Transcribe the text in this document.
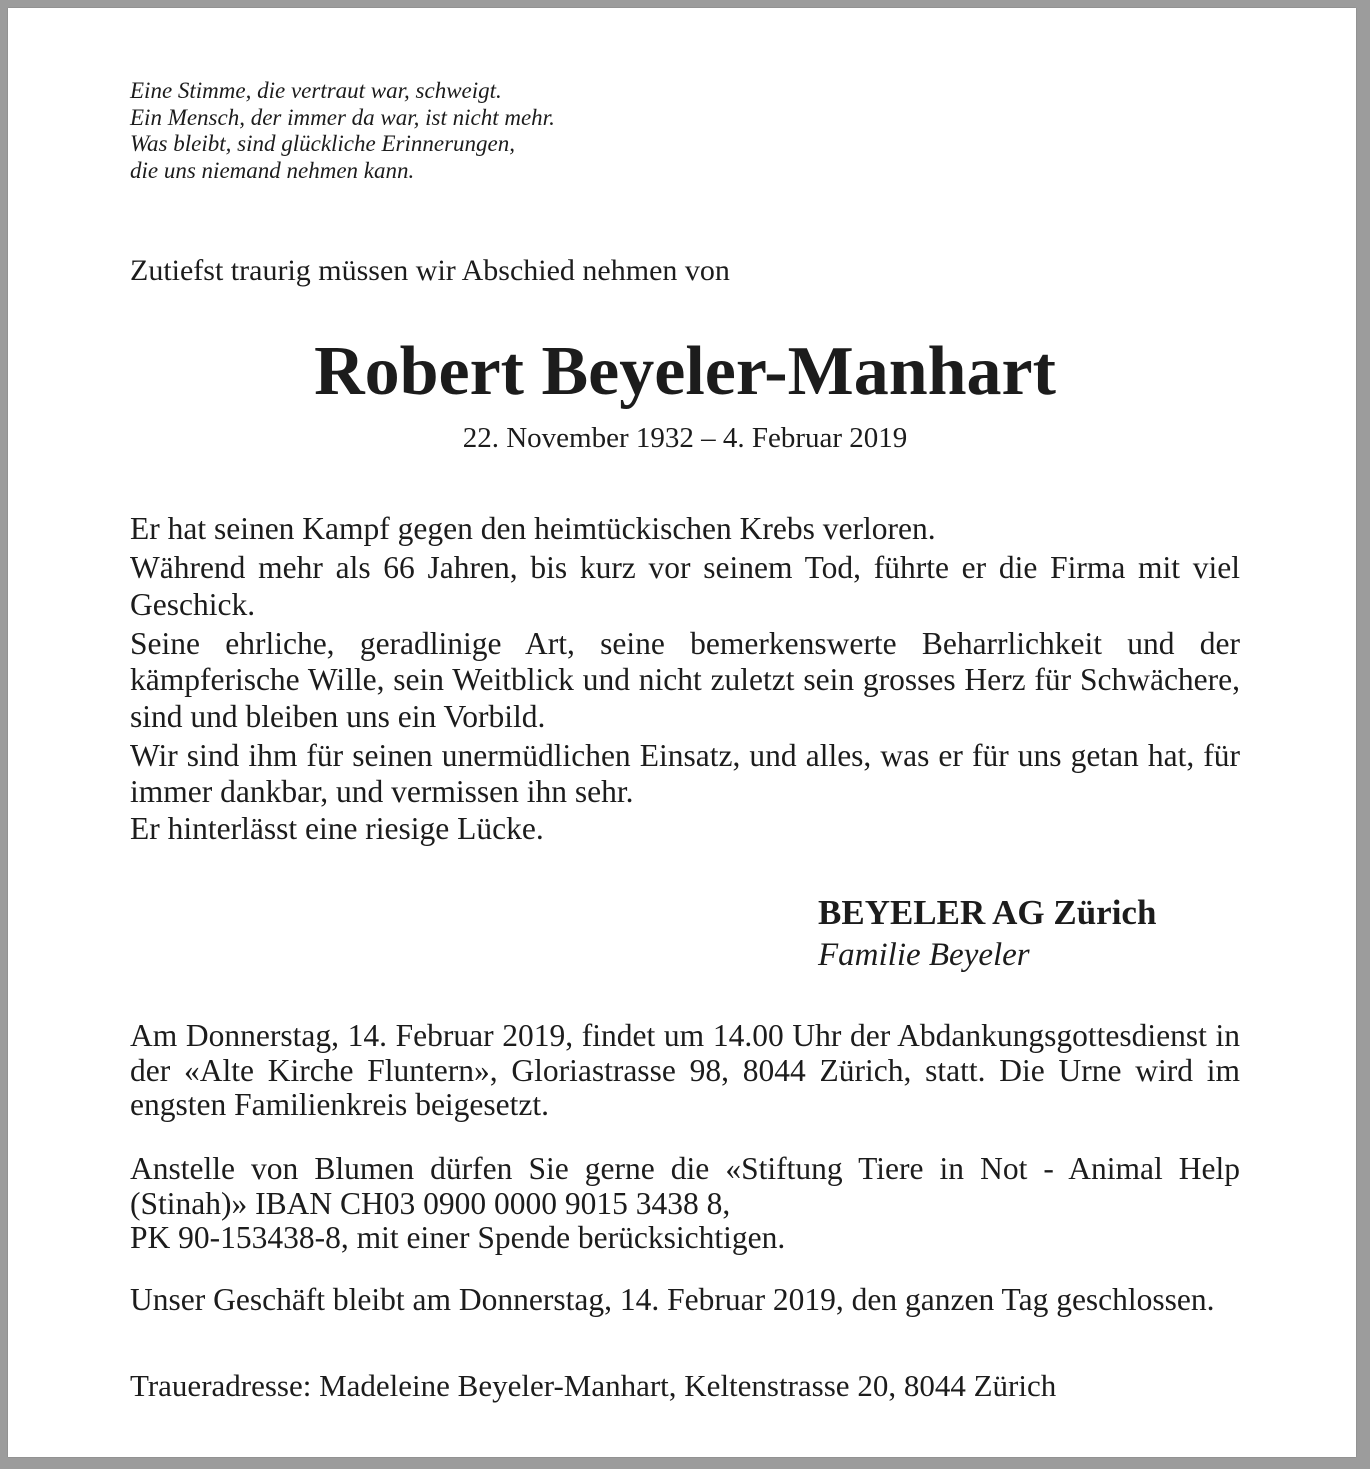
Eine Stimme, die vertraut war, schweigt.
Ein Mensch, der immer da war, ist nicht mehr.
Was bleibt, sind glückliche Erinnerungen,
die uns niemand nehmen kann.
Zutiefst traurig müssen wir Abschied nehmen von
Robert Beyeler-Manhart
22. November 1932 – 4. Februar 2019

Er hat seinen Kampf gegen den heimtückischen Krebs verloren.

Während mehr als 66 Jahren, bis kurz vor seinem Tod, führte er die Firma mit viel Geschick.

Seine ehrliche, geradlinige Art, seine bemerkenswerte Beharrlichkeit und der kämpferische Wille, sein Weitblick und nicht zuletzt sein grosses Herz für Schwächere, sind und bleiben uns ein Vorbild.

Wir sind ihm für seinen unermüdlichen Einsatz, und alles, was er für uns getan hat, für immer dankbar, und vermissen ihn sehr.

Er hinterlässt eine riesige Lücke.

BEYELER AG Zürich
Familie Beyeler
Am Donnerstag, 14. Februar 2019, findet um 14.00 Uhr der Abdankungsgottesdienst in der «Alte Kirche Fluntern», Gloriastrasse 98, 8044 Zürich, statt. Die Urne wird im engsten Familienkreis beigesetzt.
Anstelle von Blumen dürfen Sie gerne die «Stiftung Tiere in Not - Animal Help (Stinah)» IBAN CH03 0900 0000 9015 3438 8,
PK 90-153438-8, mit einer Spende berücksichtigen.
Unser Geschäft bleibt am Donnerstag, 14. Februar 2019, den ganzen Tag geschlossen.
Traueradresse: Madeleine Beyeler-Manhart, Keltenstrasse 20, 8044 Zürich
